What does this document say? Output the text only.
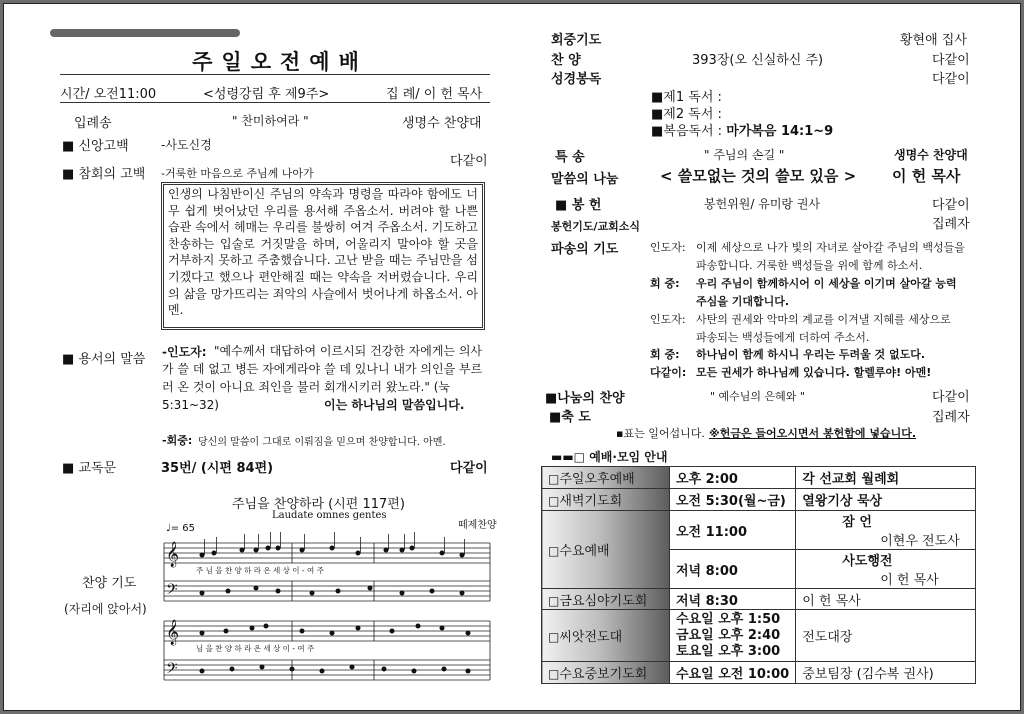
주일오전예배
시간/ 오전11:00	<성령강림 후 제9주>	집 례/ 이 헌 목사
입례송	" 찬미하여라 "	생명수 찬양대
■ 신앙고백	-사도신경
■ 참회의 고백 -거룩한 마음으로 주님께 나아가
다같이
인생의 나침반이신 주님의 약속과 명령을 따라야 함에도 너무 쉽게 벗어났던 우리를 용서해 주옵소서. 버려야 할 나쁜 습관 속에서 헤매는 우리를 불쌍히 여겨 주옵소서. 기도하고 찬송하는 입술로 거짓말을 하며, 어울리지 말아야 할 곳을 거부하지 못하고 주춤했습니다. 고난 받을 때는 주님만을 섬기겠다고 했으나 편안해질 때는 약속을 저버렸습니다. 우리의 삶을 망가뜨리는 죄악의 사슬에서 벗어나게 하옵소서. 아멘.
■ 용서의 말씀 -인도자: "예수께서 대답하여 이르시되 건강한 자에게는 의사가 쓸 데 없고 병든 자에게라야 쓸 데 있나니 내가 의인을 부르러 온 것이 아니요 죄인을 불러 회개시키러 왔노라." (눅 5:31~32)	이는 하나님의 말씀입니다.
-회중: 당신의 말씀이 그대로 이뤄짐을 믿으며 찬양합니다. 아멘.
■ 교독문	35번/ (시편 84편)	다같이
찬양 기도
(자리에 앉아서)
주님을 찬양하라 (시편 117편)
Laudate omnes gentes
떼제찬양
♩= 65
𝄞
𝄢
𝄞
𝄢
주 님 을 찬 양 하 라 온 세 상 이 - 여 주
님 을 찬 양 하 라 온 세 상 이 - 여 주
회중기도	황현애 집사
찬 양	393장(오 신실하신 주)	다같이
성경봉독	다같이
■제1 독서 :
■제2 독서 :
■복음독서 : 마가복음 14:1~9
특 송	" 주님의 손길 "	생명수 찬양대
말씀의 나눔	< 쓸모없는 것의 쓸모 있음 > 이 헌 목사
■ 봉 헌	봉헌위원/ 유미랑 권사	다같이
봉헌기도/교회소식	집례자
파송의 기도	인도자: 이제 세상으로 나가 빛의 자녀로 살아갈 주님의 백성들을
파송합니다. 거룩한 백성들을 위에 함께 하소서.
회 중: 우리 주님이 함께하시어 이 세상을 이기며 살아갈 능력
주심을 기대합니다.
인도자: 사탄의 권세와 악마의 계교를 이겨낼 지혜를 세상으로
파송되는 백성들에게 더하여 주소서.
회 중: 하나님이 함께 하시니 우리는 두려울 것 없도다.
다같이: 모든 권세가 하나님께 있습니다. 할렐루야! 아멘!
■나눔의 찬양	" 예수님의 은혜와 "	다같이
■축 도	집례자
▪표는 일어섭니다. ※헌금은 들어오시면서 봉헌함에 넣습니다.
▬▬□ 예배·모임 안내
□주일오후예배	오후 2:00	각 선교회 월례회
□새벽기도회	오전 5:30(월~금)	열왕기상 묵상
□수요예배	오전 11:00	잠 언
이현우 전도사

	저녁 8:00	사도행전
이 헌 목사

□금요심야기도회	저녁 8:30	이 헌 목사
□씨앗전도대	수요일 오후 1:50
금요일 오후 2:40
토요일 오후 3:00	전도대장
□수요중보기도회	수요일 오전 10:00	중보팀장 (김수복 권사)
